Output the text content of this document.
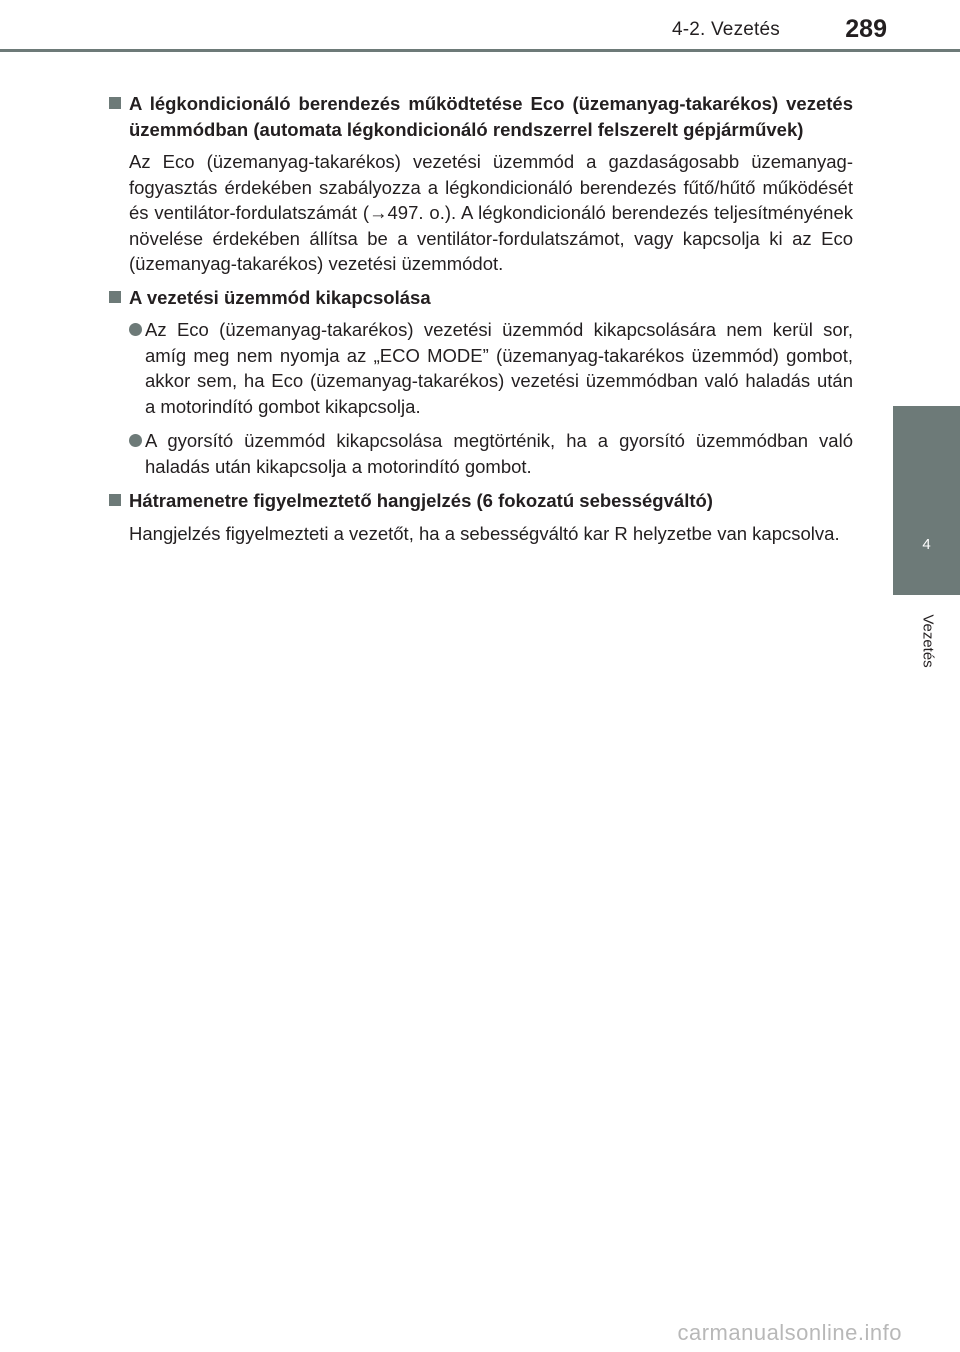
4-2. Vezetés	289
4
Vezetés
A légkondicionáló berendezés működtetése Eco (üzemanyag-takarékos) vezetés üzemmódban (automata légkondicionáló rendszerrel felszerelt gépjárművek)
Az Eco (üzemanyag-takarékos) vezetési üzemmód a gazdaságosabb üzemanyag-fogyasztás érdekében szabályozza a légkondicionáló berendezés fűtő/hűtő működését és ventilátor-fordulatszámát (→497. o.). A légkondicionáló berendezés teljesítményének növelése érdekében állítsa be a ventilátor-fordulatszámot, vagy kapcsolja ki az Eco (üzemanyag-takarékos) vezetési üzemmódot.
A vezetési üzemmód kikapcsolása
Az Eco (üzemanyag-takarékos) vezetési üzemmód kikapcsolására nem kerül sor, amíg meg nem nyomja az „ECO MODE” (üzemanyag-takarékos üzemmód) gombot, akkor sem, ha Eco (üzemanyag-takarékos) vezetési üzemmódban való haladás után a motorindító gombot kikapcsolja.
A gyorsító üzemmód kikapcsolása megtörténik, ha a gyorsító üzemmódban való haladás után kikapcsolja a motorindító gombot.
Hátramenetre figyelmeztető hangjelzés (6 fokozatú sebességváltó)
Hangjelzés figyelmezteti a vezetőt, ha a sebességváltó kar R helyzetbe van kapcsolva.
carmanualsonline.info
